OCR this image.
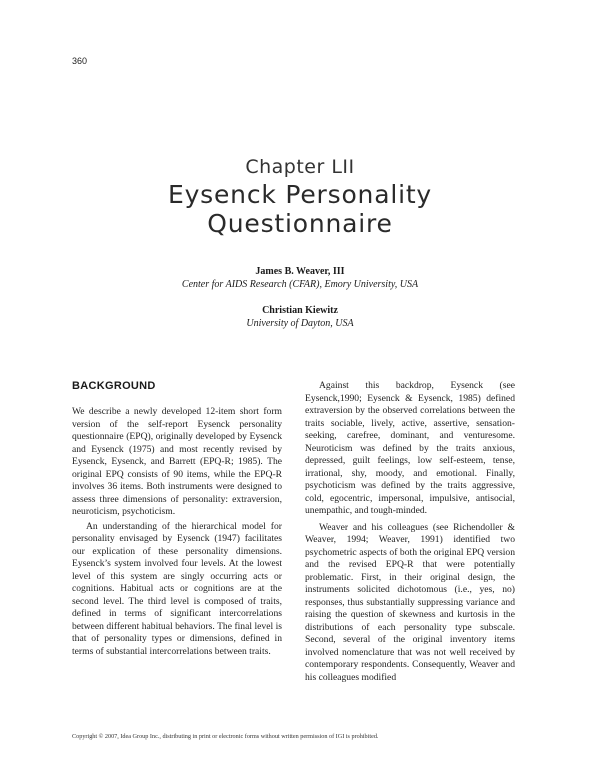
360
Chapter LII
Eysenck Personality
Questionnaire
James B. Weaver, III
Center for AIDS Research (CFAR), Emory University, USA
Christian Kiewitz
University of Dayton, USA
BACKGROUND

We describe a newly developed 12-item short form version of the self-report Eysenck personality questionnaire (EPQ), originally developed by Eysenck and Eysenck (1975) and most recently revised by Eysenck, Eysenck, and Barrett (EPQ-R; 1985). The original EPQ consists of 90 items, while the EPQ-R involves 36 items. Both instruments were designed to assess three dimensions of personality: extraversion, neuroticism, psychoticism.

An understanding of the hierarchical model for personality envisaged by Eysenck (1947) facilitates our explication of these personality dimensions. Eysenck’s system involved four levels. At the lowest level of this system are singly occurring acts or cognitions. Habitual acts or cognitions are at the second level. The third level is composed of traits, defined in terms of significant intercorrelations between different habitual behaviors. The final level is that of personality types or dimensions, defined in terms of substantial intercorrelations between traits.

Against this backdrop, Eysenck (see Eysenck,1990; Eysenck & Eysenck, 1985) defined extraversion by the observed correlations between the traits sociable, lively, active, assertive, sensation-seeking, carefree, dominant, and venturesome. Neuroticism was defined by the traits anxious, depressed, guilt feelings, low self-esteem, tense, irrational, shy, moody, and emotional. Finally, psychoticism was defined by the traits aggressive, cold, egocentric, impersonal, impulsive, antisocial, unempathic, and tough-minded.

Weaver and his colleagues (see Richendoller & Weaver, 1994; Weaver, 1991) identified two psychometric aspects of both the original EPQ version and the revised EPQ-R that were potentially problematic. First, in their original design, the instruments solicited dichotomous (i.e., yes, no) responses, thus substantially suppressing variance and raising the question of skewness and kurtosis in the distributions of each personality type subscale. Second, several of the original inventory items involved nomenclature that was not well received by contemporary respondents. Consequently, Weaver and his colleagues modified

Copyright © 2007, Idea Group Inc., distributing in print or electronic forms without written permission of IGI is prohibited.
